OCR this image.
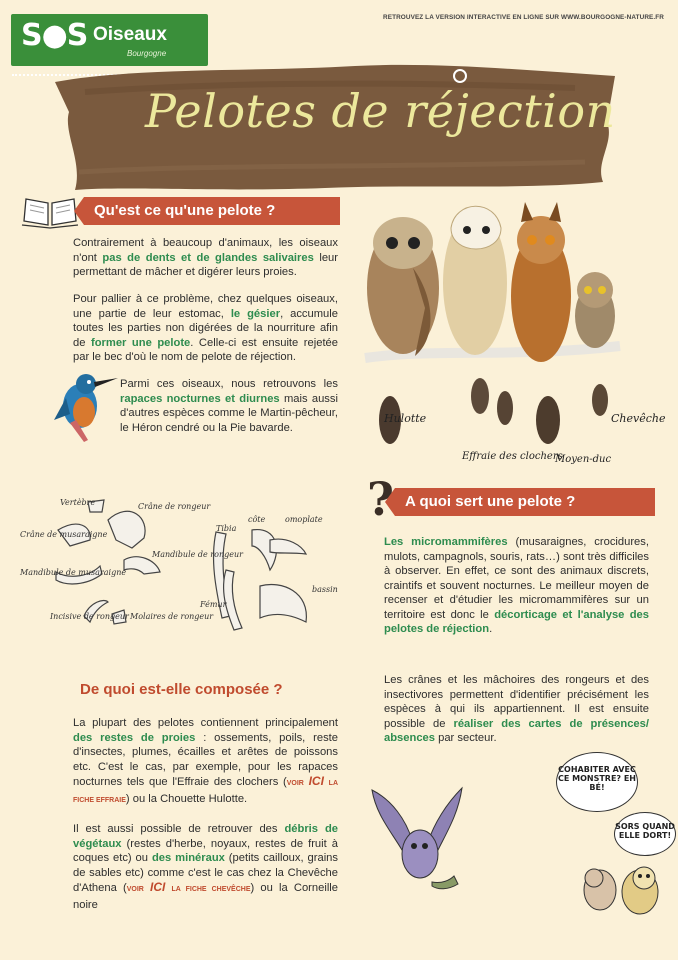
S●S Oiseaux
Bourgogne
RETROUVEZ LA VERSION INTERACTIVE EN LIGNE SUR WWW.BOURGOGNE-NATURE.FR
Pelotes de réjection
Qu'est ce qu'une pelote ?
Contrairement à beaucoup d'animaux, les oiseaux n'ont pas de dents et de glandes salivaires leur permettant de mâcher et digérer leurs proies.
Pour pallier à ce problème, chez quelques oiseaux, une partie de leur estomac, le gésier, accumule toutes les parties non digérées de la nourriture afin de former une pelote. Celle-ci est ensuite rejetée par le bec d'où le nom de pelote de réjection.
Parmi ces oiseaux, nous retrouvons les rapaces nocturnes et diurnes mais aussi d'autres espèces comme le Martin-pêcheur, le Héron cendré ou la Pie bavarde.
Hulotte
Effraie des clochers
Moyen-duc
Chevêche
? A quoi sert une pelote ?
Les micromammifères (musaraignes, crocidures, mulots, campagnols, souris, rats…) sont très difficiles à observer. En effet, ce sont des animaux discrets, craintifs et souvent nocturnes. Le meilleur moyen de recenser et d'étudier les micromammifères sur un territoire est donc le décorticage et l'analyse des pelotes de réjection.
Les crânes et les mâchoires des rongeurs et des insectivores permettent d'identifier précisément les espèces à qui ils appartiennent. Il est ensuite possible de réaliser des cartes de présences/ absences par secteur.
Vertèbre	Crâne de rongeur
Crâne de musaraigne
Mandibule de musaraigne
Mandibule de rongeur
Incisive de rongeur Molaires de rongeur
Tibia
côte omoplate
Fémur
bassin
De quoi est-elle composée ?
La plupart des pelotes contiennent principalement des restes de proies : ossements, poils, reste d'insectes, plumes, écailles et arêtes de poissons etc. C'est le cas, par exemple, pour les rapaces nocturnes tels que l'Effraie des clochers (VOIR ICI LA FICHE EFFRAIE) ou la Chouette Hulotte.
Il est aussi possible de retrouver des débris de végétaux (restes d'herbe, noyaux, restes de fruit à coques etc) ou des minéraux (petits cailloux, grains de sables etc) comme c'est le cas chez la Chevêche d'Athena (VOIR ICI LA FICHE CHEVÊCHE) ou la Corneille noire
COHABITER AVEC CE MONSTRE? EH BÉ!
SORS QUAND ELLE DORT!
